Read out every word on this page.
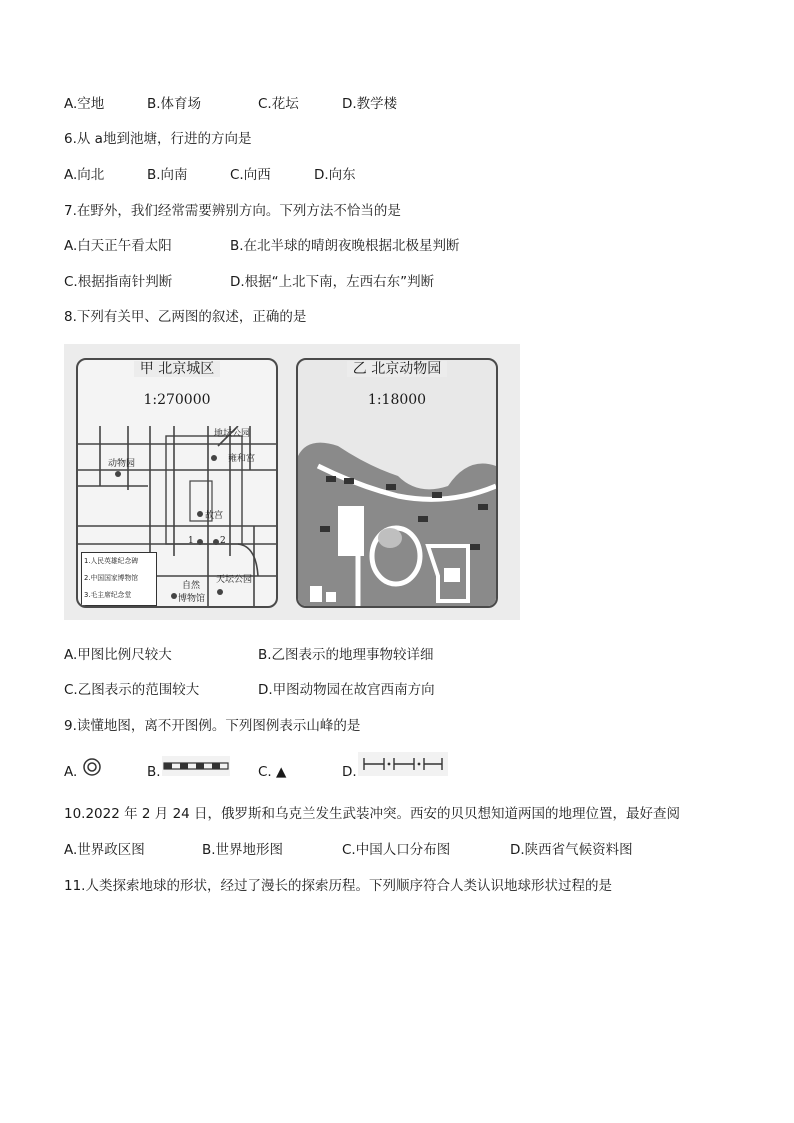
A.空地	B.体育场	C.花坛	D.教学楼
6.从 a地到池塘，行进的方向是
A.向北	B.向南	C.向西	D.向东
7.在野外，我们经常需要辨别方向。下列方法不恰当的是
A.白天正午看太阳	B.在北半球的晴朗夜晚根据北极星判断
C.根据指南针判断	D.根据“上北下南，左西右东”判断
8.下列有关甲、乙两图的叙述，正确的是
甲 北京城区
1:270000
地坛公园
雍和宫
动物园
故宫
1	2
天坛公园
自然
博物馆
1.人民英雄纪念碑
2.中国国家博物馆
3.毛主席纪念堂
乙 北京动物园
1:18000
A.甲图比例尺较大	B.乙图表示的地理事物较详细
C.乙图表示的范围较大	D.甲图动物园在故宫西南方向
9.读懂地图，离不开图例。下列图例表示山峰的是
A.	B.	C. ▲	D.
10.2022 年 2 月 24 日，俄罗斯和乌克兰发生武装冲突。西安的贝贝想知道两国的地理位置，最好查阅
A.世界政区图	B.世界地形图	C.中国人口分布图	D.陕西省气候资料图
11.人类探索地球的形状，经过了漫长的探索历程。下列顺序符合人类认识地球形状过程的是
